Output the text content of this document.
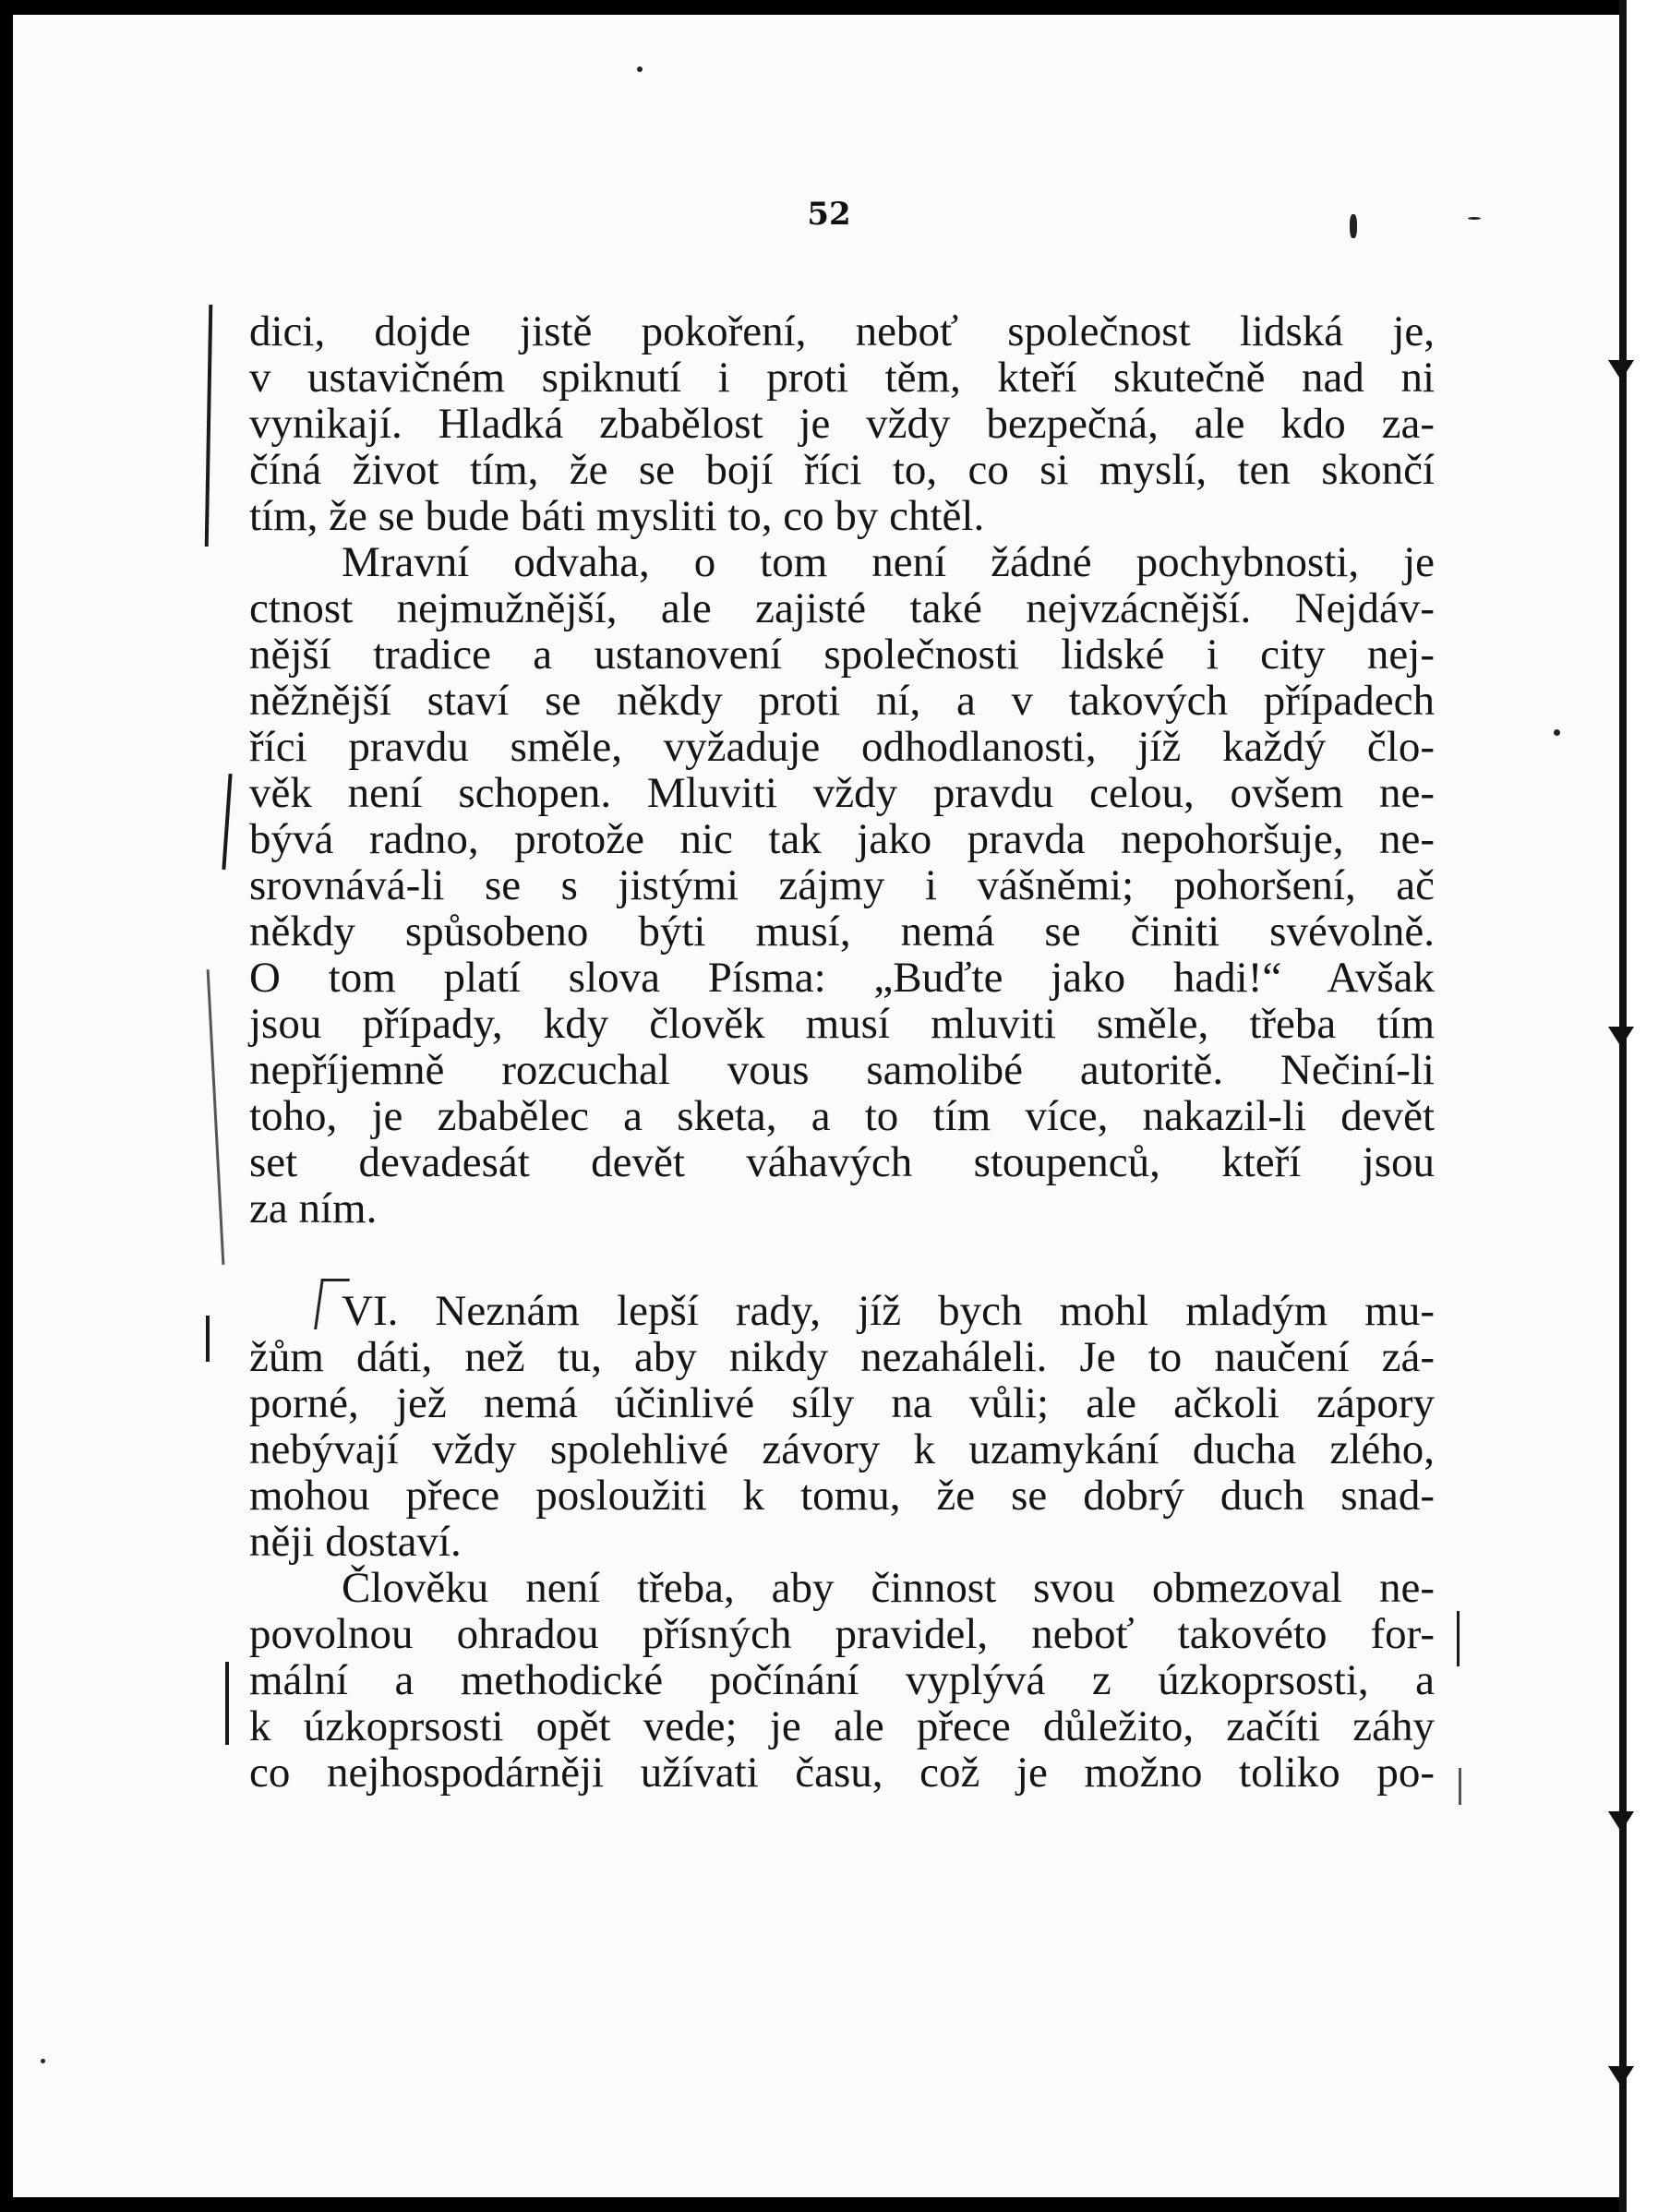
52
dici, dojde jistě pokoření, neboť společnost lidská je,
v ustavičném spiknutí i proti těm, kteří skutečně nad ni
vynikají. Hladká zbabělost je vždy bezpečná, ale kdo za-
číná život tím, že se bojí říci to, co si myslí, ten skončí
tím, že se bude báti mysliti to, co by chtěl.
Mravní odvaha, o tom není žádné pochybnosti, je
ctnost nejmužnější, ale zajisté také nejvzácnější. Nejdáv-
nější tradice a ustanovení společnosti lidské i city nej-
něžnější staví se někdy proti ní, a v takových případech
říci pravdu směle, vyžaduje odhodlanosti, jíž každý člo-
věk není schopen. Mluviti vždy pravdu celou, ovšem ne-
bývá radno, protože nic tak jako pravda nepohoršuje, ne-
srovnává-li se s jistými zájmy i vášněmi; pohoršení, ač
někdy spůsobeno býti musí, nemá se činiti svévolně.
O tom platí slova Písma: „Buďte jako hadi!“ Avšak
jsou případy, kdy člověk musí mluviti směle, třeba tím
nepříjemně rozcuchal vous samolibé autoritě. Nečiní-li
toho, je zbabělec a sketa, a to tím více, nakazil-li devět
set devadesát devět váhavých stoupenců, kteří jsou
za ním.
VI. Neznám lepší rady, jíž bych mohl mladým mu-
žům dáti, než tu, aby nikdy nezaháleli. Je to naučení zá-
porné, jež nemá účinlivé síly na vůli; ale ačkoli zápory
nebývají vždy spolehlivé závory k uzamykání ducha zlého,
mohou přece posloužiti k tomu, že se dobrý duch snad-
něji dostaví.
Člověku není třeba, aby činnost svou obmezoval ne-
povolnou ohradou přísných pravidel, neboť takovéto for-
mální a methodické počínání vyplývá z úzkoprsosti, a
k úzkoprsosti opět vede; je ale přece důležito, začíti záhy
co nejhospodárněji užívati času, což je možno toliko po-
